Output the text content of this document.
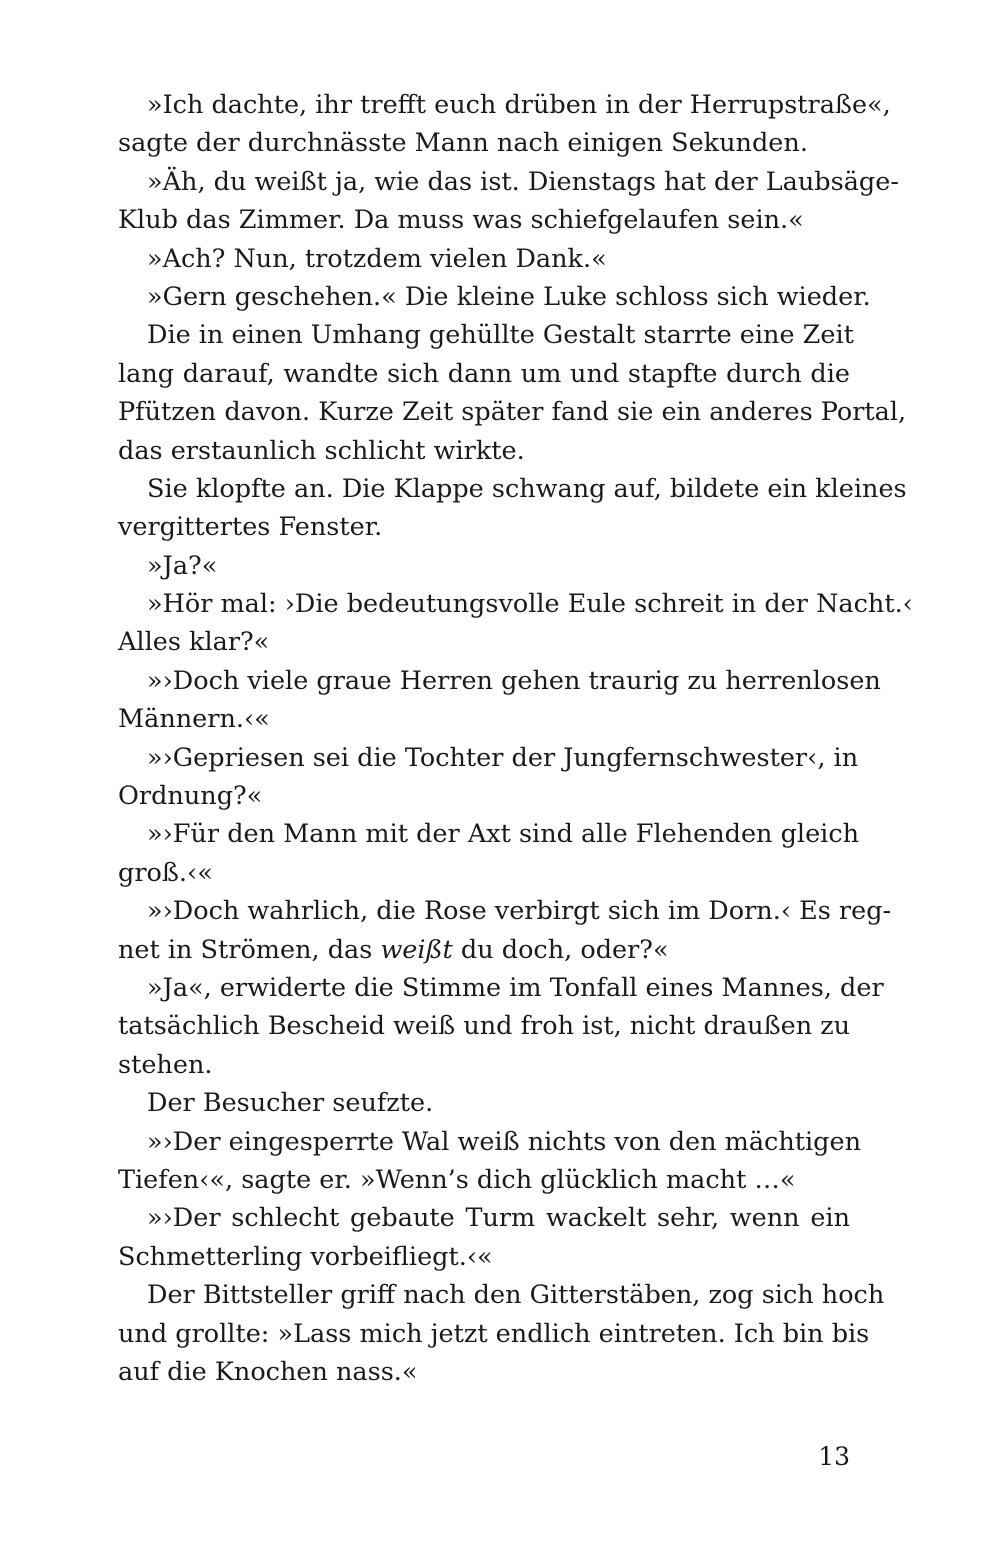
»Ich dachte, ihr trefft euch drüben in der Herrupstraße«,
sagte der durchnässte Mann nach einigen Sekunden.
»Äh, du weißt ja, wie das ist. Dienstags hat der Laubsäge-
Klub das Zimmer. Da muss was schiefgelaufen sein.«
»Ach? Nun, trotzdem vielen Dank.«
»Gern geschehen.« Die kleine Luke schloss sich wieder.
Die in einen Umhang gehüllte Gestalt starrte eine Zeit
lang darauf, wandte sich dann um und stapfte durch die
Pfützen davon. Kurze Zeit später fand sie ein anderes Portal,
das erstaunlich schlicht wirkte.
Sie klopfte an. Die Klappe schwang auf, bildete ein kleines
vergittertes Fenster.
»Ja?«
»Hör mal: ›Die bedeutungsvolle Eule schreit in der Nacht.‹
Alles klar?«
»›Doch viele graue Herren gehen traurig zu herrenlosen
Männern.‹«
»›Gepriesen sei die Tochter der Jungfernschwester‹, in
Ordnung?«
»›Für den Mann mit der Axt sind alle Flehenden gleich
groß.‹«
»›Doch wahrlich, die Rose verbirgt sich im Dorn.‹ Es reg-
net in Strömen, das weißt du doch, oder?«
»Ja«, erwiderte die Stimme im Tonfall eines Mannes, der
tatsächlich Bescheid weiß und froh ist, nicht draußen zu
stehen.
Der Besucher seufzte.
»›Der eingesperrte Wal weiß nichts von den mächtigen
Tiefen‹«, sagte er. »Wenn’s dich glücklich macht …«
»›Der schlecht gebaute Turm wackelt sehr, wenn ein
Schmetterling vorbeifliegt.‹«
Der Bittsteller griff nach den Gitterstäben, zog sich hoch
und grollte: »Lass mich jetzt endlich eintreten. Ich bin bis
auf die Knochen nass.«
13
